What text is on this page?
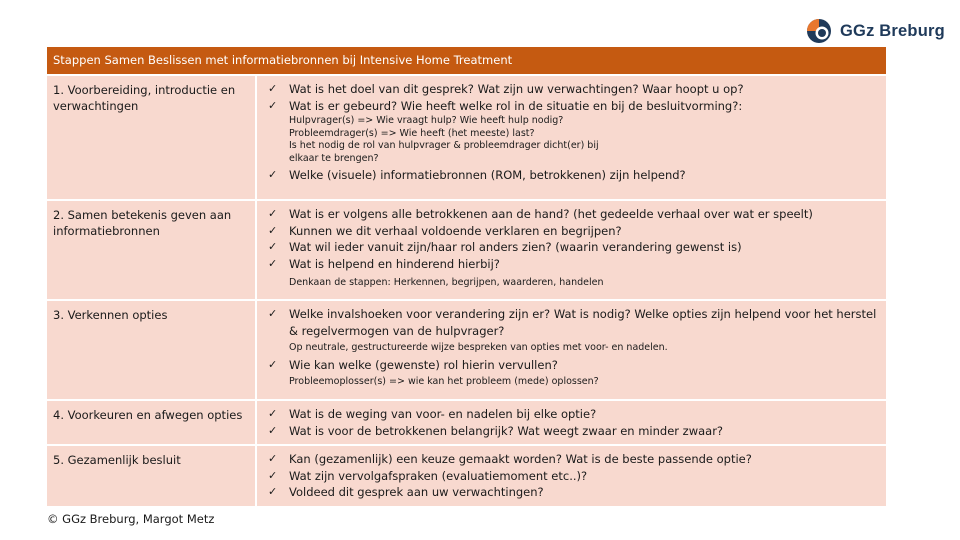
GGz Breburg
Stappen Samen Beslissen met informatiebronnen bij Intensive Home Treatment
1. Voorbereiding, introductie en verwachtingen
✓	Wat is het doel van dit gesprek? Wat zijn uw verwachtingen? Waar hoopt u op?
✓	Wat is er gebeurd? Wie heeft welke rol in de situatie en bij de besluitvorming?:
Hulpvrager(s) => Wie vraagt hulp? Wie heeft hulp nodig?
Probleemdrager(s) => Wie heeft (het meeste) last?
Is het nodig de rol van hulpvrager & probleemdrager dicht(er) bij
elkaar te brengen?
✓	Welke (visuele) informatiebronnen (ROM, betrokkenen) zijn helpend?
2. Samen betekenis geven aan informatiebronnen
✓	Wat is er volgens alle betrokkenen aan de hand? (het gedeelde verhaal over wat er speelt)
✓	Kunnen we dit verhaal voldoende verklaren en begrijpen?
✓	Wat wil ieder vanuit zijn/haar rol anders zien? (waarin verandering gewenst is)
✓	Wat is helpend en hinderend hierbij?
Denkaan de stappen: Herkennen, begrijpen, waarderen, handelen
3. Verkennen opties	✓	Welke invalshoeken voor verandering zijn er? Wat is nodig? Welke opties zijn helpend voor het herstel & regelvermogen van de hulpvrager?
Op neutrale, gestructureerde wijze bespreken van opties met voor- en nadelen.
✓	Wie kan welke (gewenste) rol hierin vervullen?
Probleemoplosser(s) => wie kan het probleem (mede) oplossen?
4. Voorkeuren en afwegen opties	✓	Wat is de weging van voor- en nadelen bij elke optie?
✓	Wat is voor de betrokkenen belangrijk? Wat weegt zwaar en minder zwaar?
5. Gezamenlijk besluit	✓	Kan (gezamenlijk) een keuze gemaakt worden? Wat is de beste passende optie?
✓	Wat zijn vervolgafspraken (evaluatiemoment etc..)?
✓	Voldeed dit gesprek aan uw verwachtingen?
© GGz Breburg, Margot Metz
